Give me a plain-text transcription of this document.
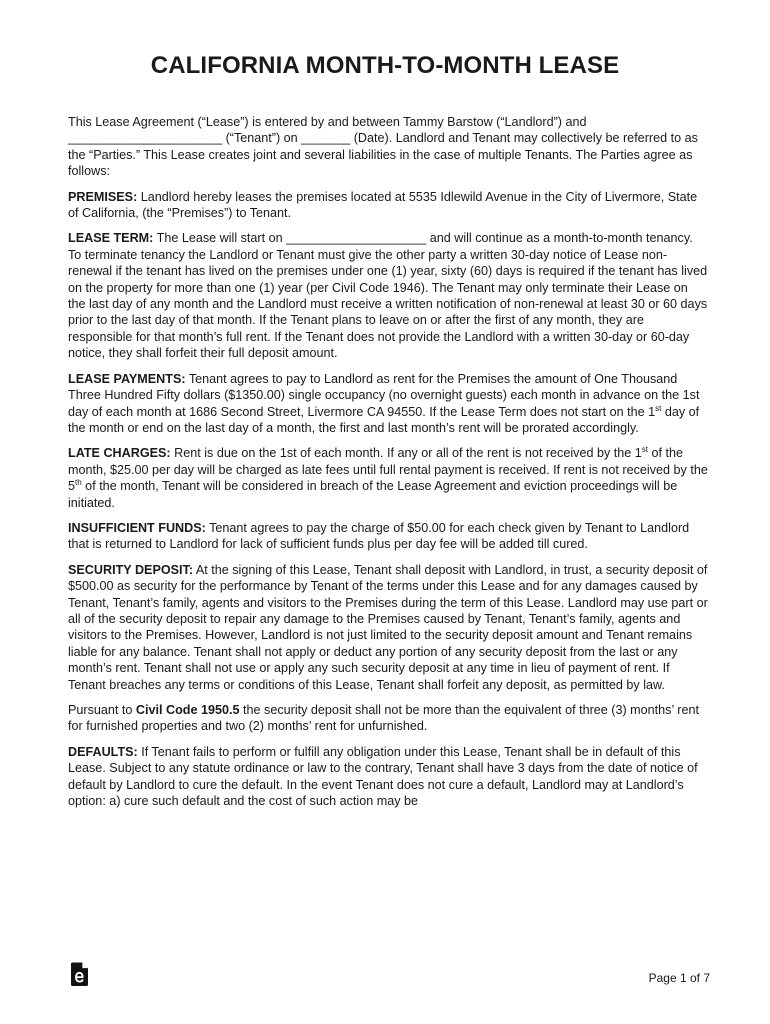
CALIFORNIA MONTH-TO-MONTH LEASE

This Lease Agreement (“Lease”) is entered by and between Tammy Barstow (“Landlord”) and
______________________ (“Tenant”) on _______ (Date). Landlord and Tenant may collectively be referred to as the “Parties.” This Lease creates joint and several liabilities in the case of multiple Tenants. The Parties agree as follows:

PREMISES: Landlord hereby leases the premises located at 5535 Idlewild Avenue in the City of Livermore, State of California, (the “Premises”) to Tenant.

LEASE TERM: The Lease will start on ____________________ and will continue as a month-to-month tenancy. To terminate tenancy the Landlord or Tenant must give the other party a written 30-day notice of Lease non-renewal if the tenant has lived on the premises under one (1) year, sixty (60) days is required if the tenant has lived on the property for more than one (1) year (per Civil Code 1946). The Tenant may only terminate their Lease on the last day of any month and the Landlord must receive a written notification of non-renewal at least 30 or 60 days prior to the last day of that month. If the Tenant plans to leave on or after the first of any month, they are responsible for that month’s full rent. If the Tenant does not provide the Landlord with a written 30-day or 60-day notice, they shall forfeit their full deposit amount.

LEASE PAYMENTS: Tenant agrees to pay to Landlord as rent for the Premises the amount of One Thousand Three Hundred Fifty dollars ($1350.00) single occupancy (no overnight guests) each month in advance on the 1st day of each month at 1686 Second Street, Livermore CA 94550. If the Lease Term does not start on the 1st day of the month or end on the last day of a month, the first and last month’s rent will be prorated accordingly.

LATE CHARGES: Rent is due on the 1st of each month. If any or all of the rent is not received by the 1st of the month, $25.00 per day will be charged as late fees until full rental payment is received. If rent is not received by the 5th of the month, Tenant will be considered in breach of the Lease Agreement and eviction proceedings will be initiated.

INSUFFICIENT FUNDS: Tenant agrees to pay the charge of $50.00 for each check given by Tenant to Landlord that is returned to Landlord for lack of sufficient funds plus per day fee will be added till cured.

SECURITY DEPOSIT: At the signing of this Lease, Tenant shall deposit with Landlord, in trust, a security deposit of $500.00 as security for the performance by Tenant of the terms under this Lease and for any damages caused by Tenant, Tenant’s family, agents and visitors to the Premises during the term of this Lease. Landlord may use part or all of the security deposit to repair any damage to the Premises caused by Tenant, Tenant’s family, agents and visitors to the Premises. However, Landlord is not just limited to the security deposit amount and Tenant remains liable for any balance. Tenant shall not apply or deduct any portion of any security deposit from the last or any month’s rent. Tenant shall not use or apply any such security deposit at any time in lieu of payment of rent. If Tenant breaches any terms or conditions of this Lease, Tenant shall forfeit any deposit, as permitted by law.

Pursuant to Civil Code 1950.5 the security deposit shall not be more than the equivalent of three (3) months’ rent for furnished properties and two (2) months’ rent for unfurnished.

DEFAULTS: If Tenant fails to perform or fulfill any obligation under this Lease, Tenant shall be in default of this Lease. Subject to any statute ordinance or law to the contrary, Tenant shall have 3 days from the date of notice of default by Landlord to cure the default. In the event Tenant does not cure a default, Landlord may at Landlord’s option: a) cure such default and the cost of such action may be

Page 1 of 7
